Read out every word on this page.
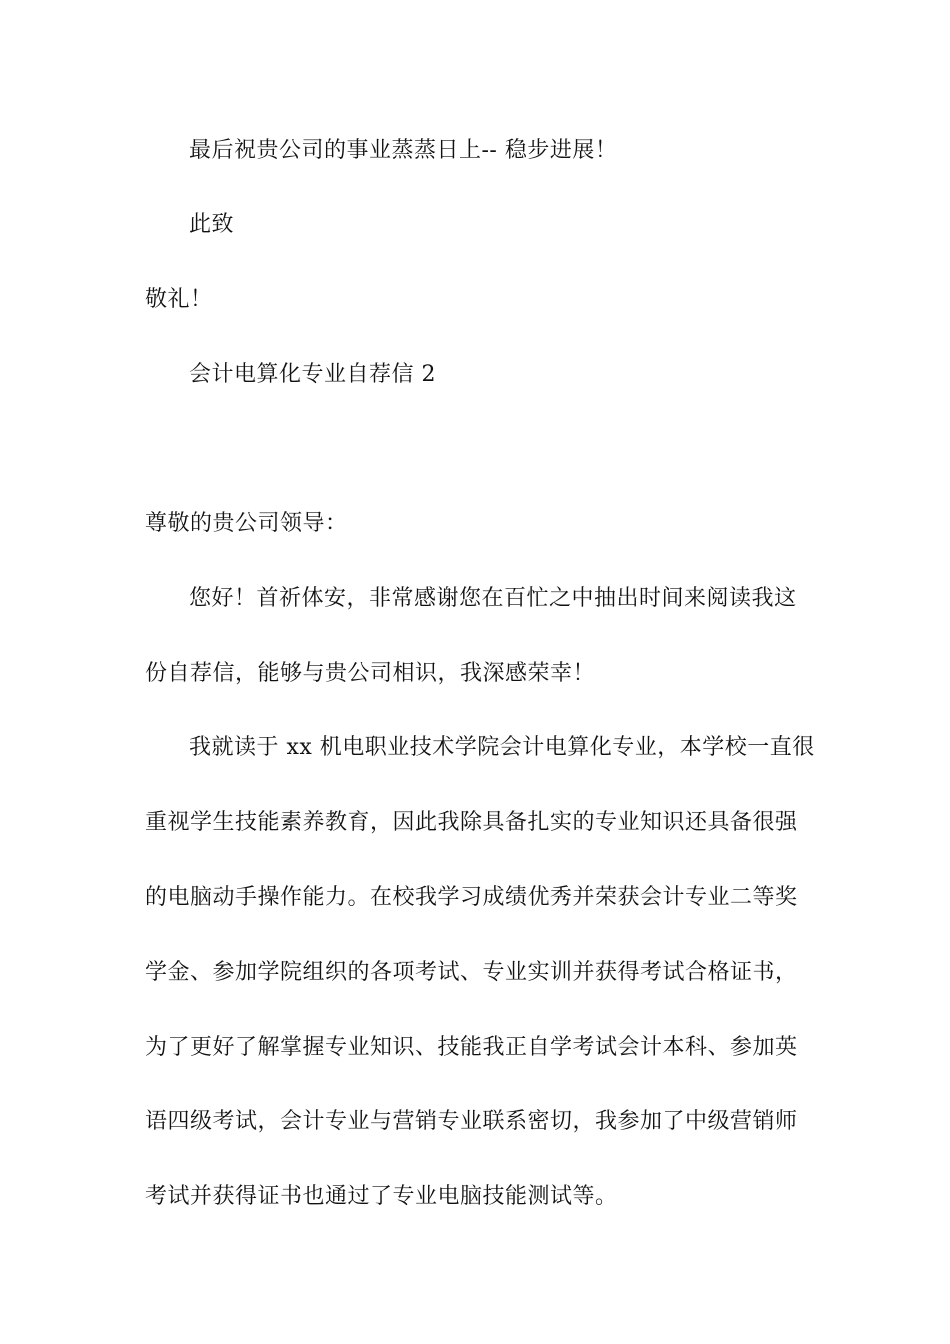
最后祝贵公司的事业蒸蒸日上-- 稳步进展！
此致
敬礼！
会计电算化专业自荐信 2
尊敬的贵公司领导：
您好！首祈体安，非常感谢您在百忙之中抽出时间来阅读我这
份自荐信，能够与贵公司相识，我深感荣幸！
我就读于 xx 机电职业技术学院会计电算化专业，本学校一直很
重视学生技能素养教育，因此我除具备扎实的专业知识还具备很强
的电脑动手操作能力。在校我学习成绩优秀并荣获会计专业二等奖
学金、参加学院组织的各项考试、专业实训并获得考试合格证书，
为了更好了解掌握专业知识、技能我正自学考试会计本科、参加英
语四级考试，会计专业与营销专业联系密切，我参加了中级营销师
考试并获得证书也通过了专业电脑技能测试等。
